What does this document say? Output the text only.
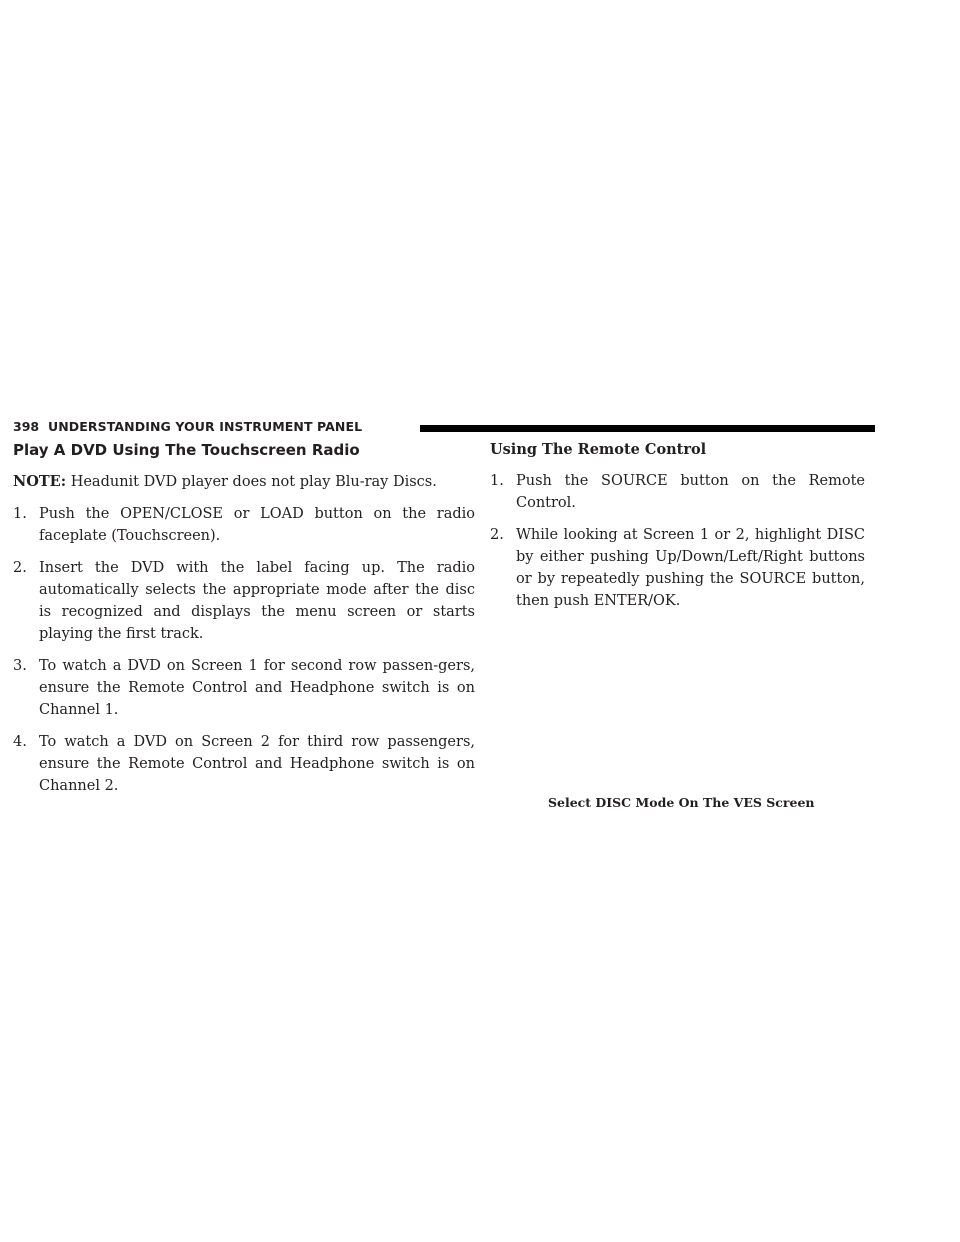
398 UNDERSTANDING YOUR INSTRUMENT PANEL
Play A DVD Using The Touchscreen Radio

NOTE: Headunit DVD player does not play Blu-ray Discs.

1. Push the OPEN/CLOSE or LOAD button on the radio faceplate (Touchscreen).
2. Insert the DVD with the label facing up. The radio automatically selects the appropriate mode after the disc is recognized and displays the menu screen or starts playing the first track.
3. To watch a DVD on Screen 1 for second row passen-gers, ensure the Remote Control and Headphone switch is on Channel 1.
4. To watch a DVD on Screen 2 for third row passengers, ensure the Remote Control and Headphone switch is on Channel 2.
Using The Remote Control
1. Push the SOURCE button on the Remote Control.
2. While looking at Screen 1 or 2, highlight DISC by either pushing Up/Down/Left/Right buttons or by repeatedly pushing the SOURCE button, then push ENTER/OK.
Select DISC Mode On The VES Screen
